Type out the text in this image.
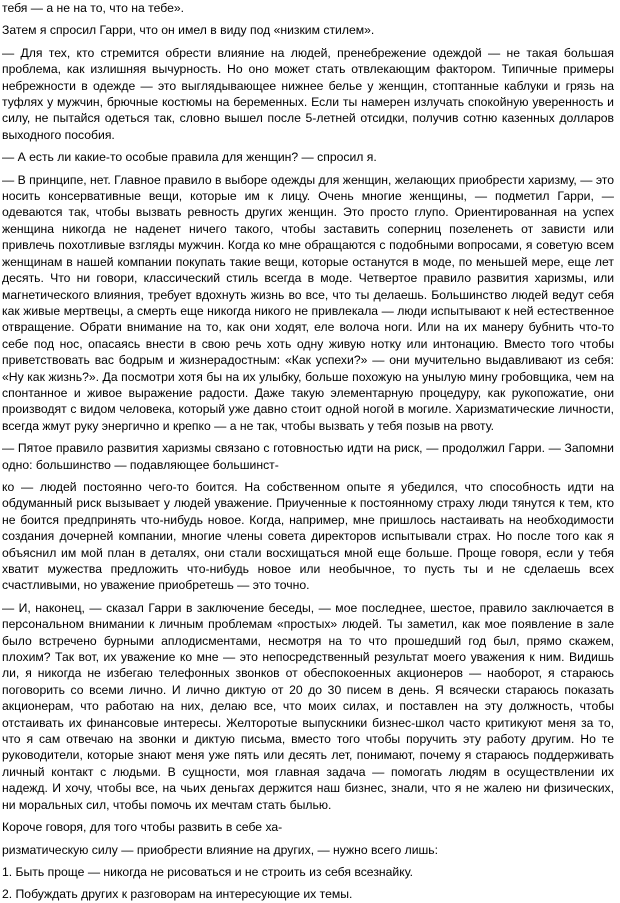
тебя — а не на то, что на тебе».

Затем я спросил Гарри, что он имел в виду под «низким стилем».

— Для тех, кто стремится обрести влияние на людей, пренебрежение одеждой — не такая большая проблема, как излишняя вычурность. Но оно может стать отвлекающим фактором. Типичные примеры небрежности в одежде — это выглядывающее нижнее белье у женщин, стоптанные каблуки и грязь на туфлях у мужчин, брючные костюмы на беременных. Если ты намерен излучать спокойную уверенность и силу, не пытайся одеться так, словно вышел после 5-летней отсидки, получив сотню казенных долларов выходного пособия.

— А есть ли какие-то особые правила для женщин? — спросил я.

— В принципе, нет. Главное правило в выборе одежды для женщин, желающих приобрести харизму, — это носить консервативные вещи, которые им к лицу. Очень многие женщины, — подметил Гарри, — одеваются так, чтобы вызвать ревность других женщин. Это просто глупо. Ориентированная на успех женщина никогда не наденет ничего такого, чтобы заставить соперниц позеленеть от зависти или привлечь похотливые взгляды мужчин. Когда ко мне обращаются с подобными вопросами, я советую всем женщинам в нашей компании покупать такие вещи, которые останутся в моде, по меньшей мере, еще лет десять. Что ни говори, классический стиль всегда в моде. Четвертое правило развития харизмы, или магнетического влияния, требует вдохнуть жизнь во все, что ты делаешь. Большинство людей ведут себя как живые мертвецы, а смерть еще никогда никого не привлекала — люди испытывают к ней естественное отвращение. Обрати внимание на то, как они ходят, еле волоча ноги. Или на их манеру бубнить что-то себе под нос, опасаясь внести в свою речь хоть одну живую нотку или интонацию. Вместо того чтобы приветствовать вас бодрым и жизнерадостным: «Как успехи?» — они мучительно выдавливают из себя: «Ну как жизнь?». Да посмотри хотя бы на их улыбку, больше похожую на унылую мину гробовщика, чем на спонтанное и живое выражение радости. Даже такую элементарную процедуру, как рукопожатие, они производят с видом человека, который уже давно стоит одной ногой в могиле. Харизматические личности, всегда жмут руку энергично и крепко — а не так, чтобы вызвать у тебя позыв на рвоту.

— Пятое правило развития харизмы связано с готовностью идти на риск, — продолжил Гарри. — Запомни одно: большинство — подавляющее большинст-

ко — людей постоянно чего-то боится. На собственном опыте я убедился, что способность идти на обдуманный риск вызывает у людей уважение. Приученные к постоянному страху люди тянутся к тем, кто не боится предпринять что-нибудь новое. Когда, например, мне пришлось настаивать на необходимости создания дочерней компании, многие члены совета директоров испытывали страх. Но после того как я объяснил им мой план в деталях, они стали восхищаться мной еще больше. Проще говоря, если у тебя хватит мужества предложить что-нибудь новое или необычное, то пусть ты и не сделаешь всех счастливыми, но уважение приобретешь — это точно.

— И, наконец, — сказал Гарри в заключение беседы, — мое последнее, шестое, правило заключается в персональном внимании к личным проблемам «простых» людей. Ты заметил, как мое появление в зале было встречено бурными аплодисментами, несмотря на то что прошедший год был, прямо скажем, плохим? Так вот, их уважение ко мне — это непосредственный результат моего уважения к ним. Видишь ли, я никогда не избегаю телефонных звонков от обеспокоенных акционеров — наоборот, я стараюсь поговорить со всеми лично. И лично диктую от 20 до 30 писем в день. Я всячески стараюсь показать акционерам, что работаю на них, делаю все, что моих силах, и поставлен на эту должность, чтобы отстаивать их финансовые интересы. Желторотые выпускники бизнес-школ часто критикуют меня за то, что я сам отвечаю на звонки и диктую письма, вместо того чтобы поручить эту работу другим. Но те руководители, которые знают меня уже пять или десять лет, понимают, почему я стараюсь поддерживать личный контакт с людьми. В сущности, моя главная задача — помогать людям в осуществлении их надежд. И хочу, чтобы все, на чьих деньгах держится наш бизнес, знали, что я не жалею ни физических, ни моральных сил, чтобы помочь их мечтам стать былью.

Короче говоря, для того чтобы развить в себе ха-

ризматическую силу — приобрести влияние на других, — нужно всего лишь:

1. Быть проще — никогда не рисоваться и не строить из себя всезнайку.

2. Побуждать других к разговорам на интересующие их темы.
